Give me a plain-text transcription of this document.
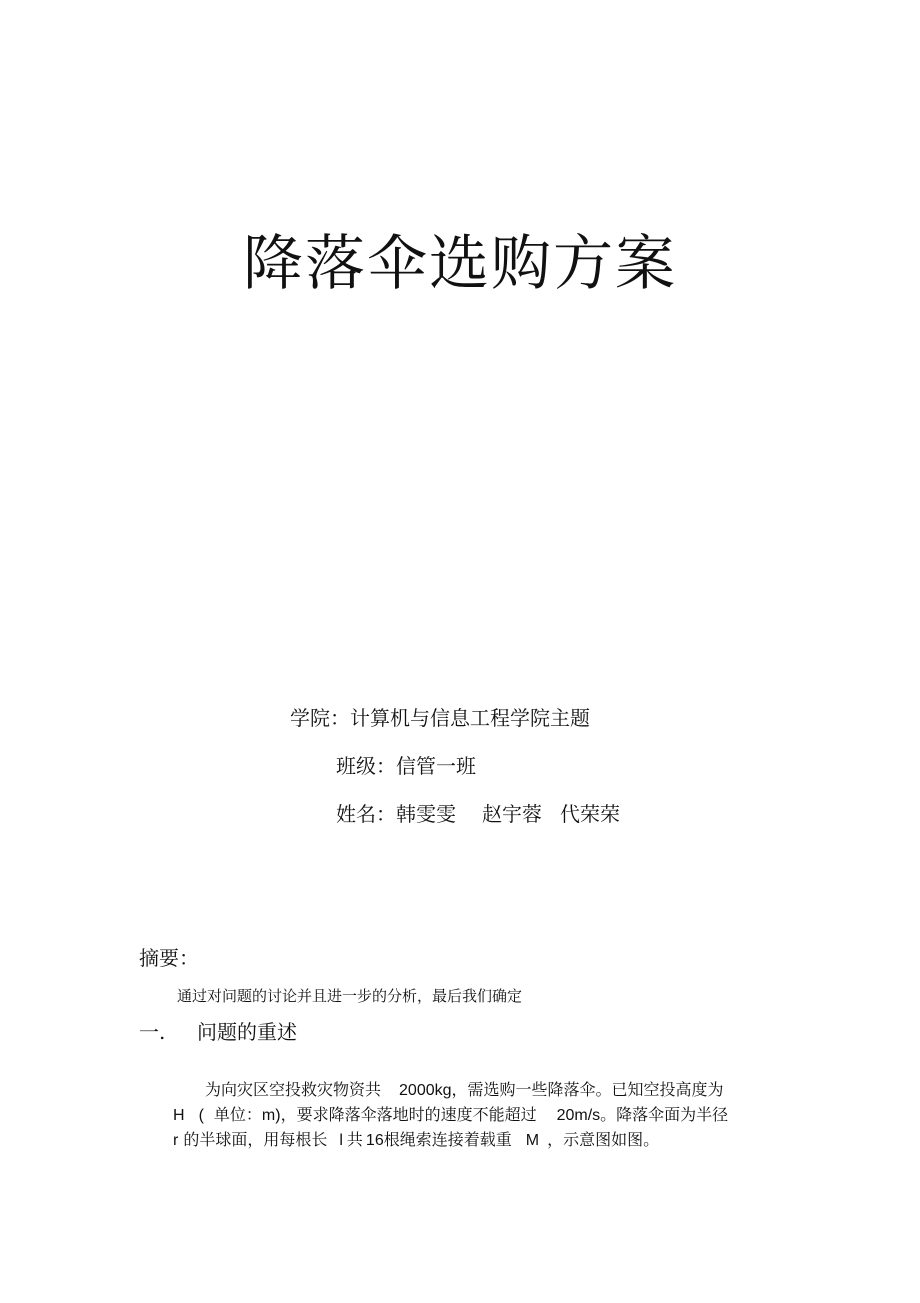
降落伞选购方案
学院：计算机与信息工程学院主题
班级：信管一班
姓名：韩雯雯 赵宇蓉 代荣荣
摘要：
通过对问题的讨论并且进一步的分析，最后我们确定
一. 问题的重述
为向灾区空投救灾物资共 2000kg，需选购一些降落伞。已知空投高度为
H ( 单位：m)，要求降落伞落地时的速度不能超过 20m/s。降落伞面为半径
r 的半球面，用每根长 l 共 16根绳索连接着载重 M ，示意图如图。
